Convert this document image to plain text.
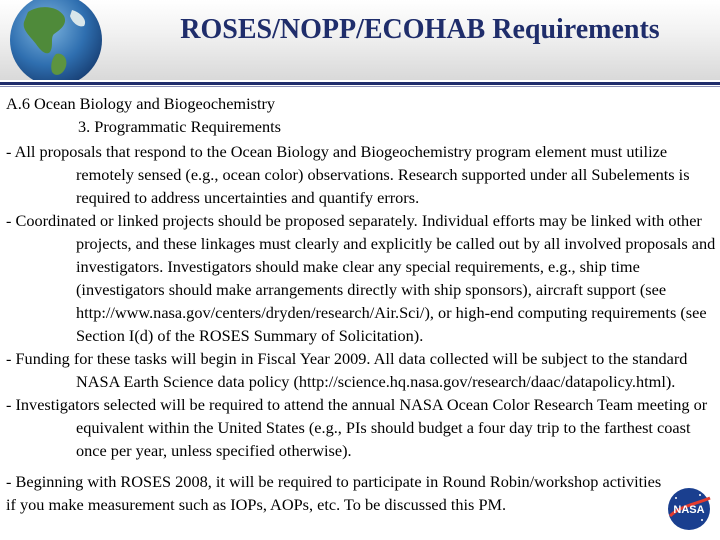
ROSES/NOPP/ECOHAB Requirements

A.6 Ocean Biology and Biogeochemistry

3. Programmatic Requirements

- All proposals that respond to the Ocean Biology and Biogeochemistry program element must utilize remotely sensed (e.g., ocean color) observations. Research supported under all Subelements is required to address uncertainties and quantify errors.

- Coordinated or linked projects should be proposed separately. Individual efforts may be linked with other projects, and these linkages must clearly and explicitly be called out by all involved proposals and investigators. Investigators should make clear any special requirements, e.g., ship time (investigators should make arrangements directly with ship sponsors), aircraft support (see http://www.nasa.gov/centers/dryden/research/Air.Sci/), or high-end computing requirements (see Section I(d) of the ROSES Summary of Solicitation).

- Funding for these tasks will begin in Fiscal Year 2009. All data collected will be subject to the standard NASA Earth Science data policy (http://science.hq.nasa.gov/research/daac/datapolicy.html).

- Investigators selected will be required to attend the annual NASA Ocean Color Research Team meeting or equivalent within the United States (e.g., PIs should budget a four day trip to the farthest coast once per year, unless specified otherwise).

- Beginning with ROSES 2008, it will be required to participate in Round Robin/workshop activities if you make measurement such as IOPs, AOPs, etc. To be discussed this PM.	NASA
